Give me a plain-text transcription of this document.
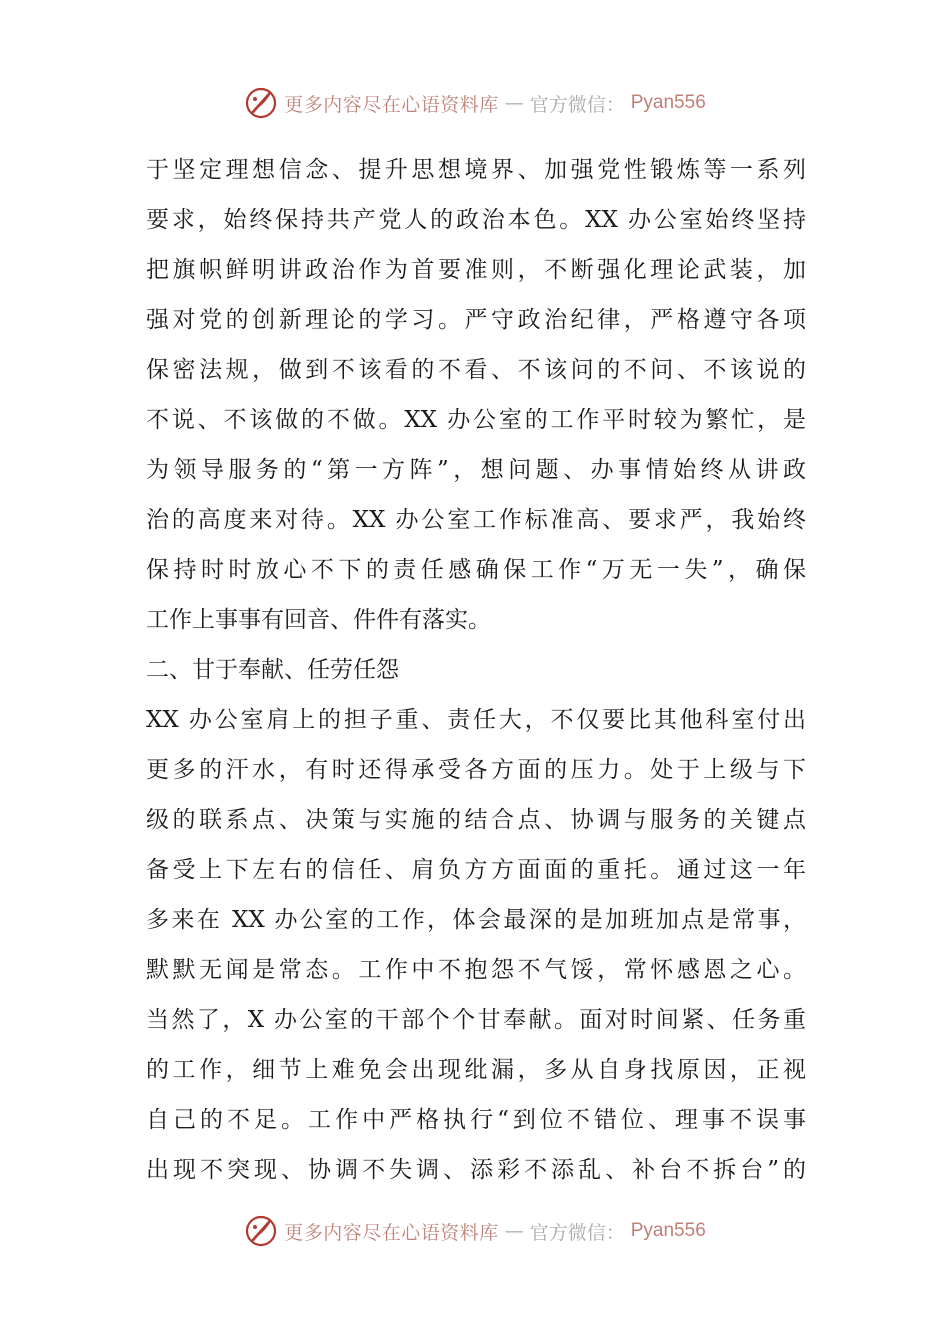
更多内容尽在心语资料库 — 官方微信： Pyan556
于坚定理想信念、提升思想境界、加强党性锻炼等一系列
要求，始终保持共产党人的政治本色。XX 办公室始终坚持
把旗帜鲜明讲政治作为首要准则，不断强化理论武装，加
强对党的创新理论的学习。严守政治纪律，严格遵守各项
保密法规，做到不该看的不看、不该问的不问、不该说的
不说、不该做的不做。XX 办公室的工作平时较为繁忙，是
为领导服务的“第一方阵”，想问题、办事情始终从讲政
治的高度来对待。XX 办公室工作标准高、要求严，我始终
保持时时放心不下的责任感确保工作“万无一失”，确保
工作上事事有回音、件件有落实。
二、甘于奉献、任劳任怨
XX 办公室肩上的担子重、责任大，不仅要比其他科室付出
更多的汗水，有时还得承受各方面的压力。处于上级与下
级的联系点、决策与实施的结合点、协调与服务的关键点
备受上下左右的信任、肩负方方面面的重托。通过这一年
多来在 XX 办公室的工作，体会最深的是加班加点是常事，
默默无闻是常态。工作中不抱怨不气馁，常怀感恩之心。
当然了，X 办公室的干部个个甘奉献。面对时间紧、任务重
的工作，细节上难免会出现纰漏，多从自身找原因，正视
自己的不足。工作中严格执行“到位不错位、理事不误事
出现不突现、协调不失调、添彩不添乱、补台不拆台”的
更多内容尽在心语资料库 — 官方微信： Pyan556
